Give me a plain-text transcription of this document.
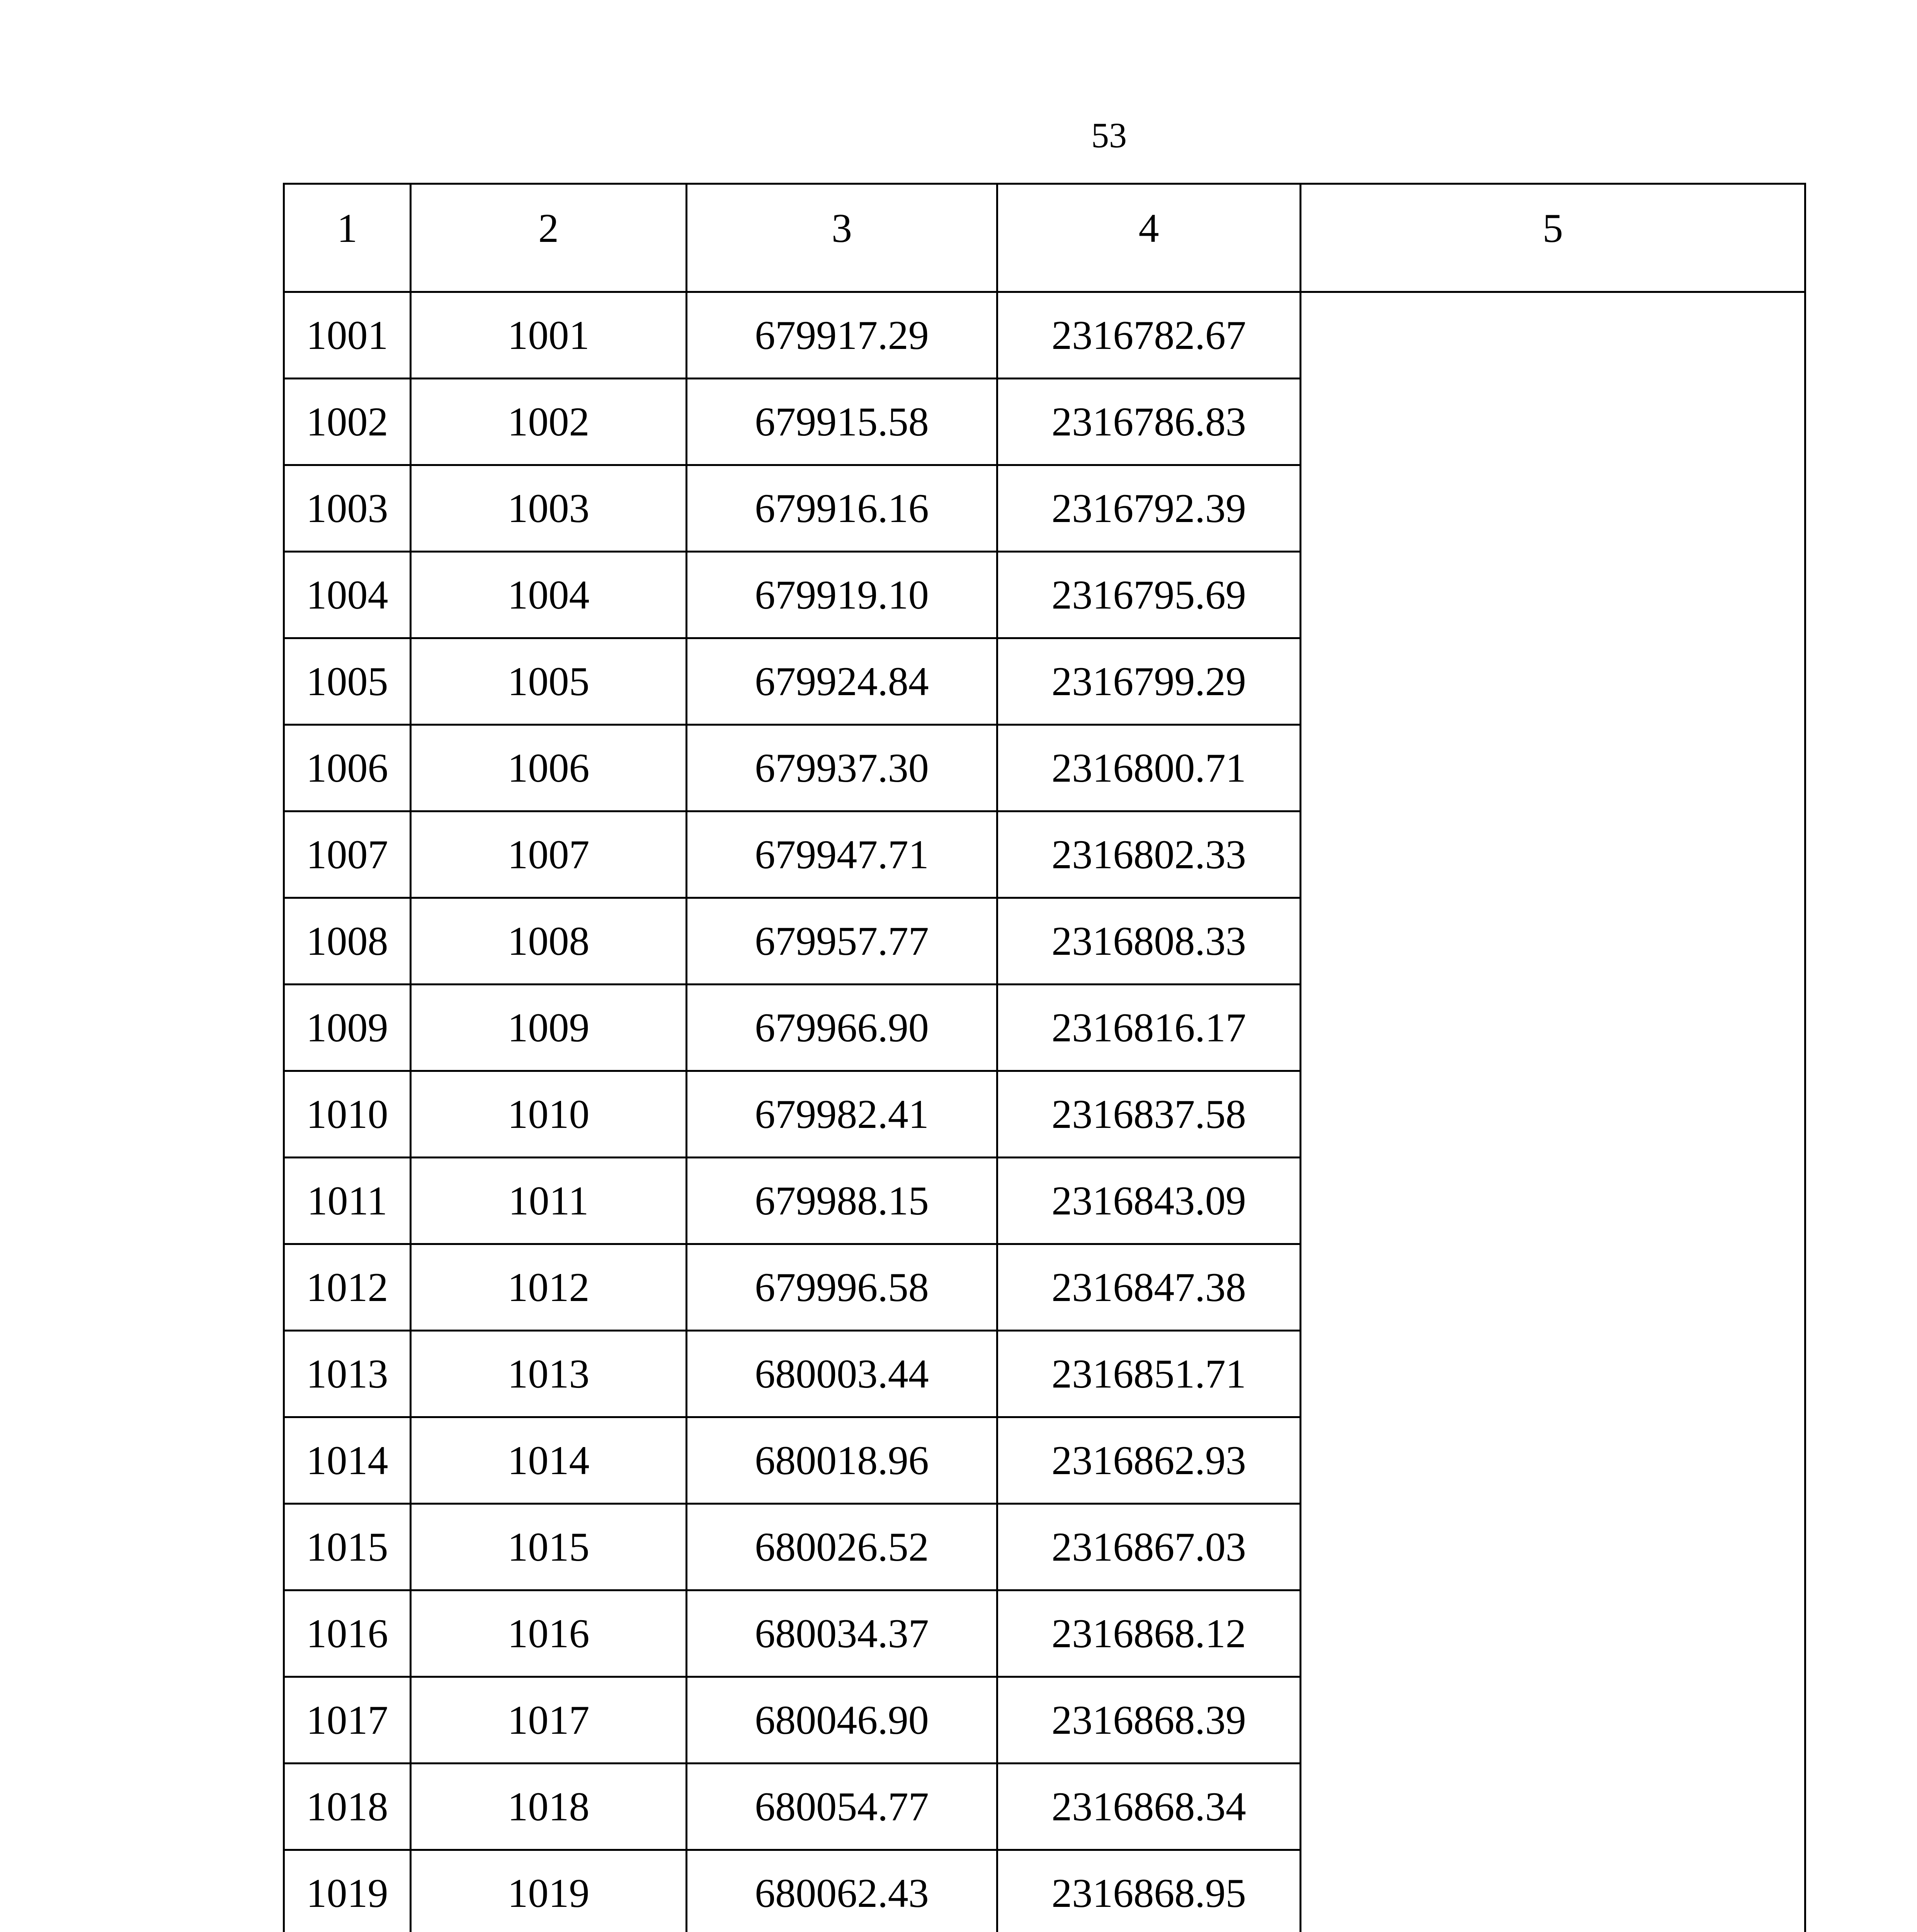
53
1	2	3	4	5
1001	1001	679917.29	2316782.67	
1002	1002	679915.58	2316786.83	
1003	1003	679916.16	2316792.39	
1004	1004	679919.10	2316795.69	
1005	1005	679924.84	2316799.29	
1006	1006	679937.30	2316800.71	
1007	1007	679947.71	2316802.33	
1008	1008	679957.77	2316808.33	
1009	1009	679966.90	2316816.17	
1010	1010	679982.41	2316837.58	
1011	1011	679988.15	2316843.09	
1012	1012	679996.58	2316847.38	
1013	1013	680003.44	2316851.71	
1014	1014	680018.96	2316862.93	
1015	1015	680026.52	2316867.03	
1016	1016	680034.37	2316868.12	
1017	1017	680046.90	2316868.39	
1018	1018	680054.77	2316868.34	
1019	1019	680062.43	2316868.95	
